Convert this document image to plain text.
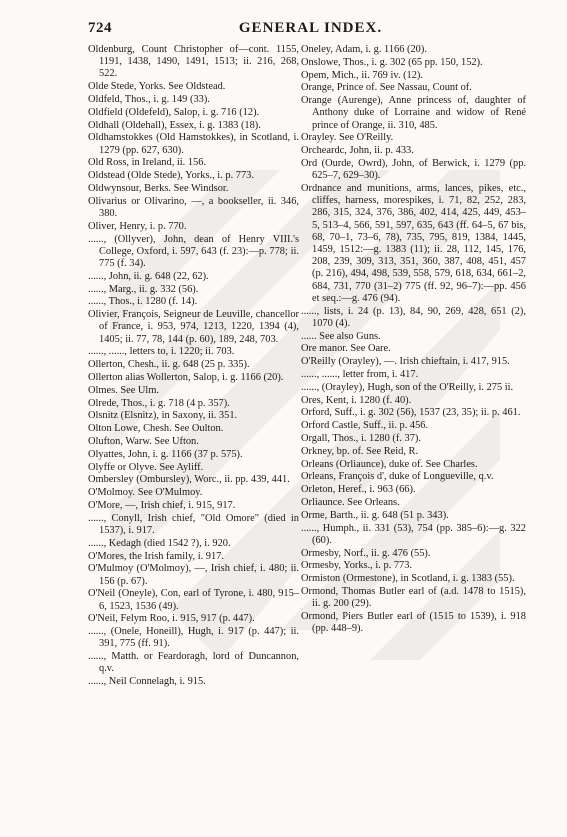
724	GENERAL INDEX.

Oldenburg, Count Christopher of—cont. 1155, 1191, 1438, 1490, 1491, 1513; ii. 216, 268, 522.

Olde Stede, Yorks. See Oldstead.

Oldfeld, Thos., i. g. 149 (33).

Oldfield (Oldefeld), Salop, i. g. 716 (12).

Oldhall (Oldehall), Essex, i. g. 1383 (18).

Oldhamstokkes (Old Hamstokkes), in Scotland, i. 1279 (pp. 627, 630).

Old Ross, in Ireland, ii. 156.

Oldstead (Olde Stede), Yorks., i. p. 773.

Oldwynsour, Berks. See Windsor.

Olivarius or Olivarino, —, a bookseller, ii. 346, 380.

Oliver, Henry, i. p. 770.

......, (Ollyver), John, dean of Henry VIII.'s College, Oxford, i. 597, 643 (f. 23):—p. 778; ii. 775 (f. 34).

......, John, ii. g. 648 (22, 62).

......, Marg., ii. g. 332 (56).

......, Thos., i. 1280 (f. 14).

Olivier, François, Seigneur de Leuville, chancellor of France, i. 953, 974, 1213, 1220, 1394 (4), 1405; ii. 77, 78, 144 (p. 60), 189, 248, 703.

......, ......, letters to, i. 1220; ii. 703.

Ollerton, Chesh., ii. g. 648 (25 p. 335).

Ollerton alias Wollerton, Salop, i. g. 1166 (20).

Olmes. See Ulm.

Olrede, Thos., i. g. 718 (4 p. 357).

Olsnitz (Elsnitz), in Saxony, ii. 351.

Olton Lowe, Chesh. See Oulton.

Olufton, Warw. See Ufton.

Olyattes, John, i. g. 1166 (37 p. 575).

Olyffe or Olyve. See Ayliff.

Ombersley (Ombursley), Worc., ii. pp. 439, 441.

O'Molmoy. See O'Mulmoy.

O'More, —, Irish chief, i. 915, 917.

......, Conyll, Irish chief, "Old Omore" (died in 1537), i. 917.

......, Kedagh (died 1542 ?), i. 920.

O'Mores, the Irish family, i. 917.

O'Mulmoy (O'Molmoy), —, Irish chief, i. 480; ii. 156 (p. 67).

O'Neil (Oneyle), Con, earl of Tyrone, i. 480, 915–6, 1523, 1536 (49).

O'Neil, Felym Roo, i. 915, 917 (p. 447).

......, (Onele, Honeill), Hugh, i. 917 (p. 447); ii. 391, 775 (ff. 91).

......, Matth. or Feardoragh, lord of Duncannon, q.v.

......, Neil Connelagh, i. 915.

Oneley, Adam, i. g. 1166 (20).

Onslowe, Thos., i. g. 302 (65 pp. 150, 152).

Opem, Mich., ii. 769 iv. (12).

Orange, Prince of. See Nassau, Count of.

Orange (Aurenge), Anne princess of, daughter of Anthony duke of Lorraine and widow of René prince of Orange, ii. 310, 485.

Orayley. See O'Reilly.

Orcheardc, John, ii. p. 433.

Ord (Ourde, Owrd), John, of Berwick, i. 1279 (pp. 625–7, 629–30).

Ordnance and munitions, arms, lances, pikes, etc., cliffes, harness, morespikes, i. 71, 82, 252, 283, 286, 315, 324, 376, 386, 402, 414, 425, 449, 453–5, 513–4, 566, 591, 597, 635, 643 (ff. 64–5, 67 bis, 68, 70–1, 73–6, 78), 735, 795, 819, 1384, 1445, 1459, 1512:—g. 1383 (11); ii. 28, 112, 145, 176, 208, 239, 309, 313, 351, 360, 387, 408, 451, 457 (p. 216), 494, 498, 539, 558, 579, 618, 634, 661–2, 684, 731, 770 (31–2) 775 (ff. 92, 96–7):—pp. 456 et seq.:—g. 476 (94).

......, lists, i. 24 (p. 13), 84, 90, 269, 428, 651 (2), 1070 (4).

...... See also Guns.

Ore manor. See Oare.

O'Reilly (Orayley), —. Irish chieftain, i. 417, 915.

......, ......, letter from, i. 417.

......, (Orayley), Hugh, son of the O'Reilly, i. 275 ii.

Ores, Kent, i. 1280 (f. 40).

Orford, Suff., i. g. 302 (56), 1537 (23, 35); ii. p. 461.

Orford Castle, Suff., ii. p. 456.

Orgall, Thos., i. 1280 (f. 37).

Orkney, bp. of. See Reid, R.

Orleans (Orliaunce), duke of. See Charles.

Orleans, François d', duke of Longueville, q.v.

Orleton, Heref., i. 963 (66).

Orliaunce. See Orleans.

Orme, Barth., ii. g. 648 (51 p. 343).

......, Humph., ii. 331 (53), 754 (pp. 385–6):—g. 322 (60).

Ormesby, Norf., ii. g. 476 (55).

Ormesby, Yorks., i. p. 773.

Ormiston (Ormestone), in Scotland, i. g. 1383 (55).

Ormond, Thomas Butler earl of (a.d. 1478 to 1515), ii. g. 200 (29).

Ormond, Piers Butler earl of (1515 to 1539), i. 918 (pp. 448–9).
